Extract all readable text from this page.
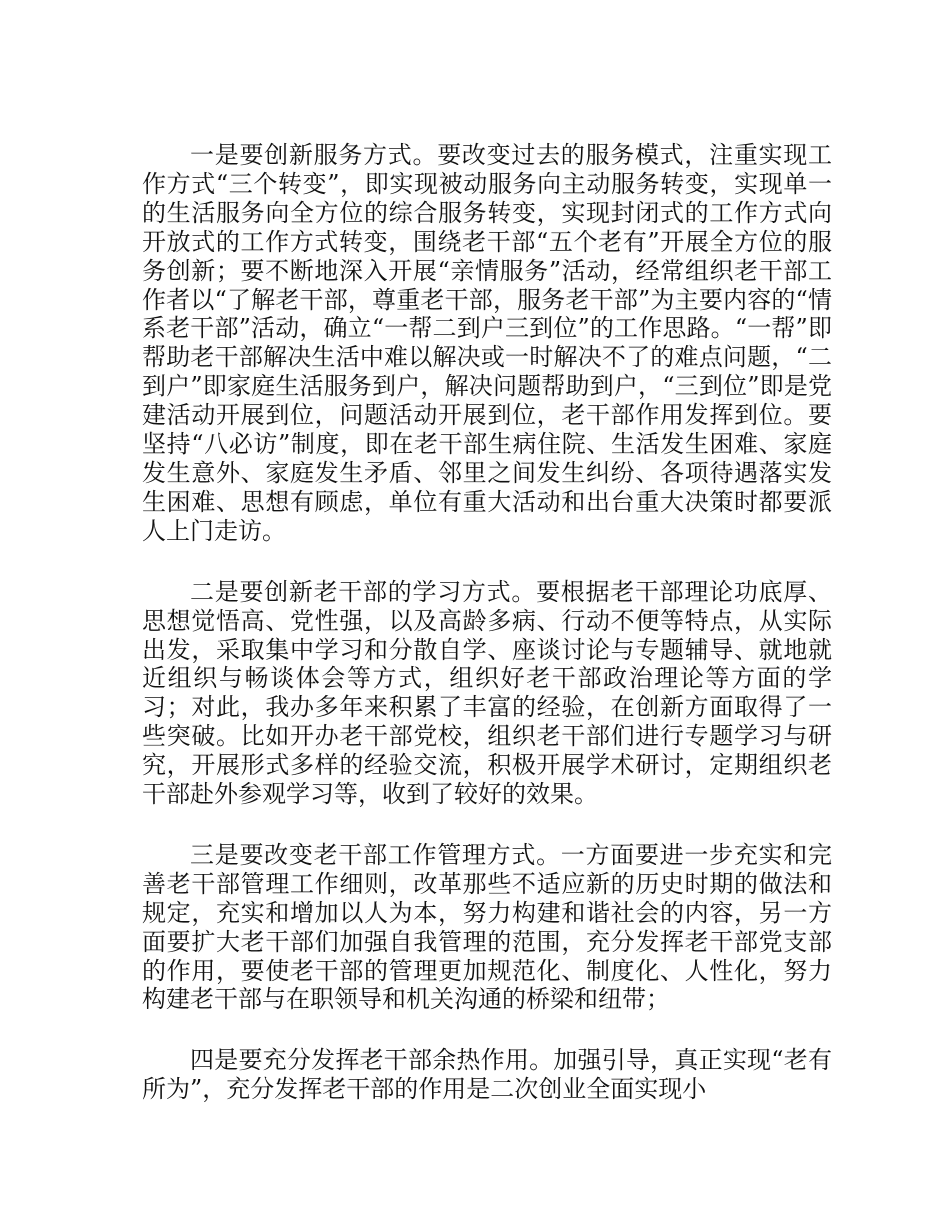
一是要创新服务方式。要改变过去的服务模式，注重实现工作方式“三个转变”，即实现被动服务向主动服务转变，实现单一的生活服务向全方位的综合服务转变，实现封闭式的工作方式向开放式的工作方式转变，围绕老干部“五个老有”开展全方位的服务创新；要不断地深入开展“亲情服务”活动，经常组织老干部工作者以“了解老干部，尊重老干部，服务老干部”为主要内容的“情系老干部”活动，确立“一帮二到户三到位”的工作思路。“一帮”即帮助老干部解决生活中难以解决或一时解决不了的难点问题，“二到户”即家庭生活服务到户，解决问题帮助到户，“三到位”即是党建活动开展到位，问题活动开展到位，老干部作用发挥到位。要坚持“八必访”制度，即在老干部生病住院、生活发生困难、家庭发生意外、家庭发生矛盾、邻里之间发生纠纷、各项待遇落实发生困难、思想有顾虑，单位有重大活动和出台重大决策时都要派人上门走访。

二是要创新老干部的学习方式。要根据老干部理论功底厚、思想觉悟高、党性强，以及高龄多病、行动不便等特点，从实际出发，采取集中学习和分散自学、座谈讨论与专题辅导、就地就近组织与畅谈体会等方式，组织好老干部政治理论等方面的学习；对此，我办多年来积累了丰富的经验，在创新方面取得了一些突破。比如开办老干部党校，组织老干部们进行专题学习与研究，开展形式多样的经验交流，积极开展学术研讨，定期组织老干部赴外参观学习等，收到了较好的效果。

三是要改变老干部工作管理方式。一方面要进一步充实和完善老干部管理工作细则，改革那些不适应新的历史时期的做法和规定，充实和增加以人为本，努力构建和谐社会的内容，另一方面要扩大老干部们加强自我管理的范围，充分发挥老干部党支部的作用，要使老干部的管理更加规范化、制度化、人性化，努力构建老干部与在职领导和机关沟通的桥梁和纽带；

四是要充分发挥老干部余热作用。加强引导，真正实现“老有所为”，充分发挥老干部的作用是二次创业全面实现小
